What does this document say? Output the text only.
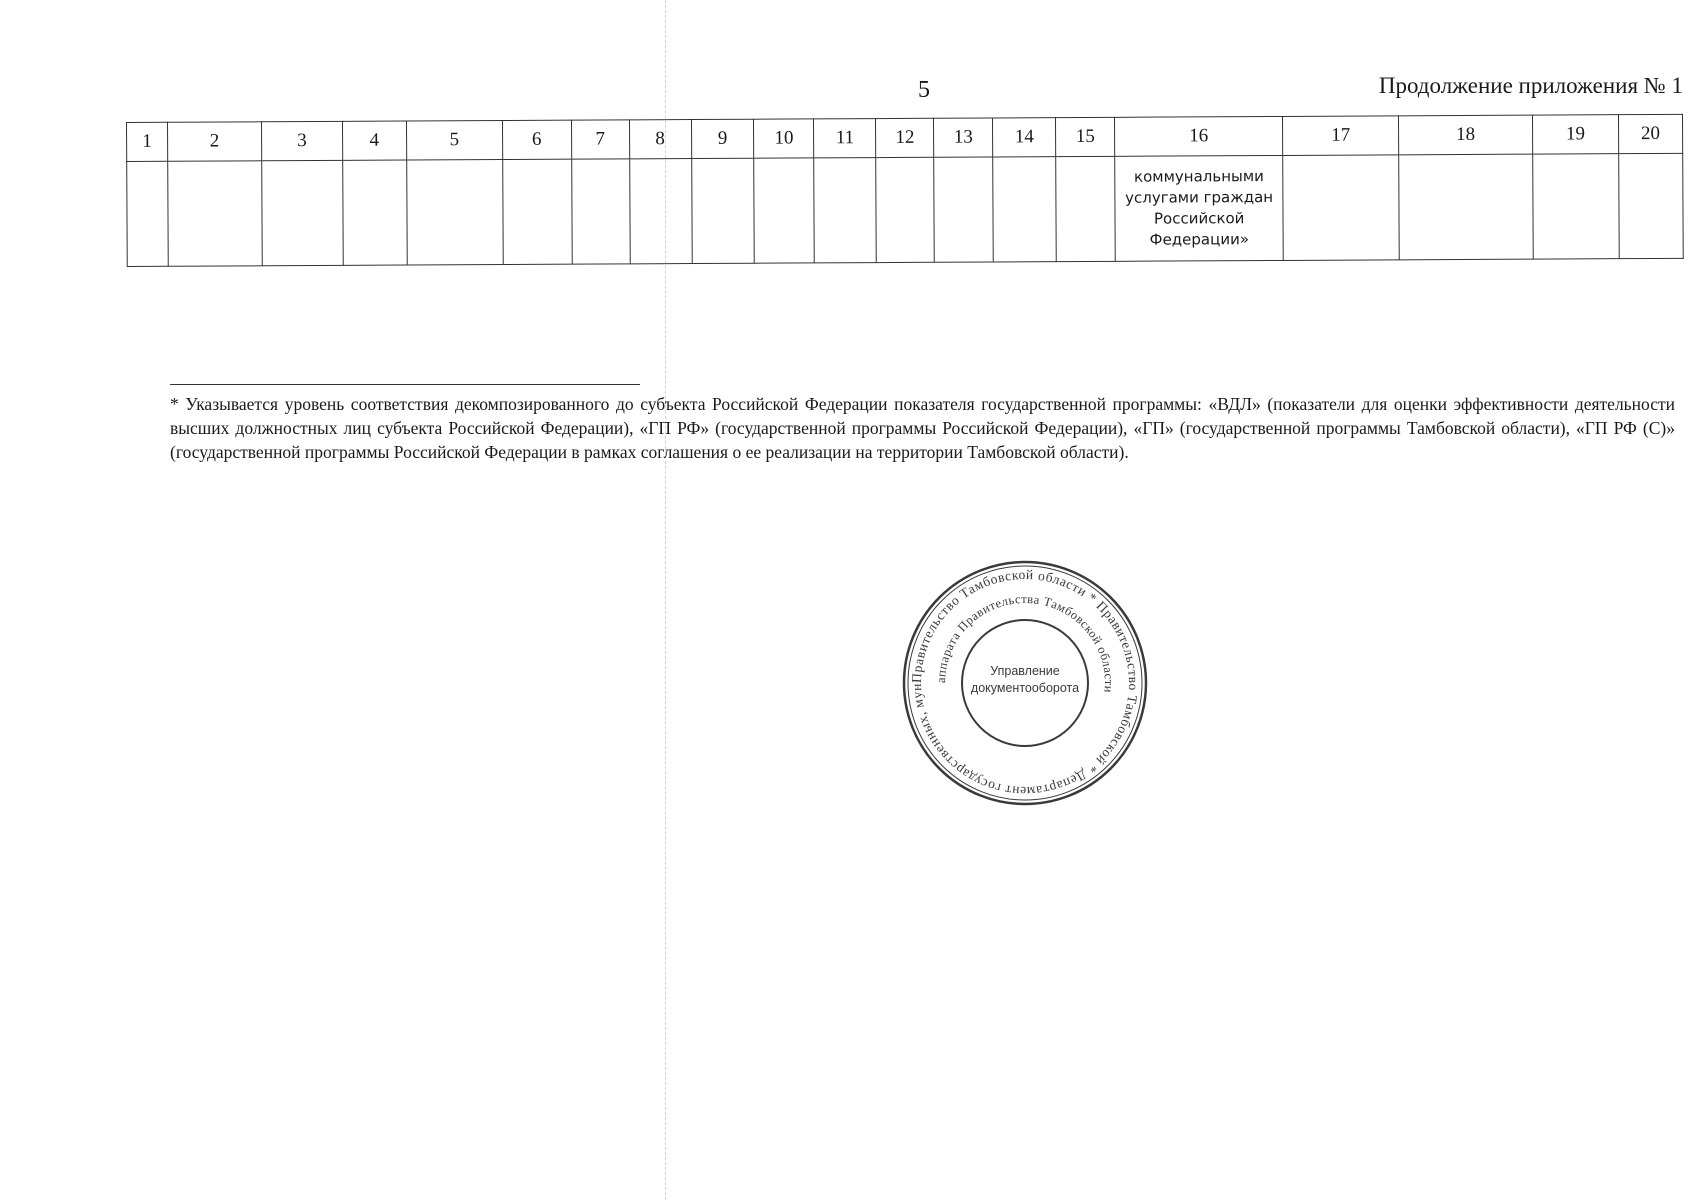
5	Продолжение приложения № 1
1	2	3	4	5	6	7	8	9	10	11	12	13	14	15	16	17	18	19	20
															коммунальными услугами граждан Российской Федерации»				
* Указывается уровень соответствия декомпозированного до субъекта Российской Федерации показателя государственной программы: «ВДЛ» (показатели для оценки эффективности деятельности высших должностных лиц субъекта Российской Федерации), «ГП РФ» (государственной программы Российской Федерации), «ГП» (государственной программы Тамбовской области), «ГП РФ (С)» (государственной программы Российской Федерации в рамках соглашения о ее реализации на территории Тамбовской области).
Правительство Тамбовской области * Правительство Тамбовской * Департамент государственных, мун
аппарата Правительства Тамбовской области
Управление
документооборота
